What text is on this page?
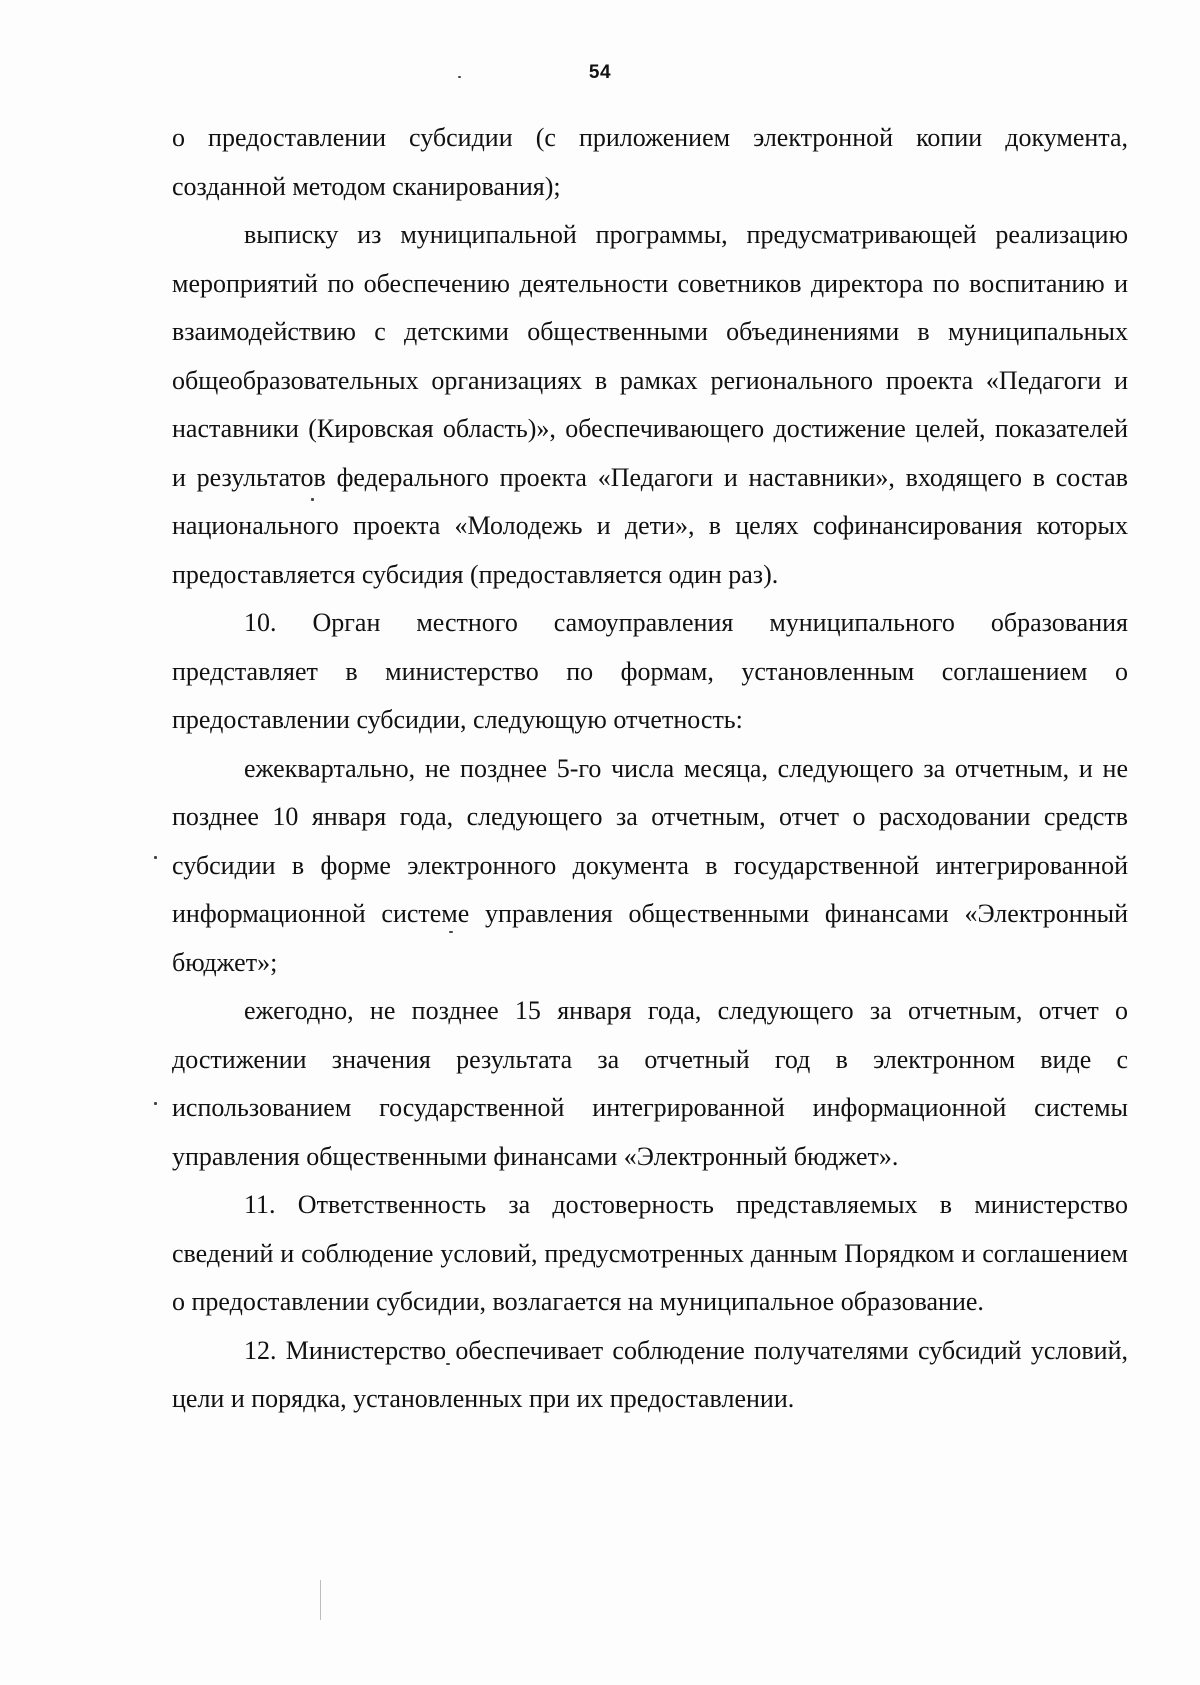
54

о предоставлении субсидии (с приложением электронной копии документа, созданной методом сканирования);

выписку из муниципальной программы, предусматривающей реализацию мероприятий по обеспечению деятельности советников директора по воспитанию и взаимодействию с детскими общественными объединениями в муниципальных общеобразовательных организациях в рамках регионального проекта «Педагоги и наставники (Кировская область)», обеспечивающего достижение целей, показателей и результатов федерального проекта «Педагоги и наставники», входящего в состав национального проекта «Молодежь и дети», в целях софинансирования которых предоставляется субсидия (предоставляется один раз).

10. Орган местного самоуправления муниципального образования представляет в министерство по формам, установленным соглашением о предоставлении субсидии, следующую отчетность:

ежеквартально, не позднее 5-го числа месяца, следующего за отчетным, и не позднее 10 января года, следующего за отчетным, отчет о расходовании средств субсидии в форме электронного документа в государственной интегрированной информационной системе управления общественными финансами «Электронный бюджет»;

ежегодно, не позднее 15 января года, следующего за отчетным, отчет о достижении значения результата за отчетный год в электронном виде с использованием государственной интегрированной информационной системы управления общественными финансами «Электронный бюджет».

11. Ответственность за достоверность представляемых в министерство сведений и соблюдение условий, предусмотренных данным Порядком и соглашением о предоставлении субсидии, возлагается на муниципальное образование.

12. Министерство обеспечивает соблюдение получателями субсидий условий, цели и порядка, установленных при их предоставлении.
